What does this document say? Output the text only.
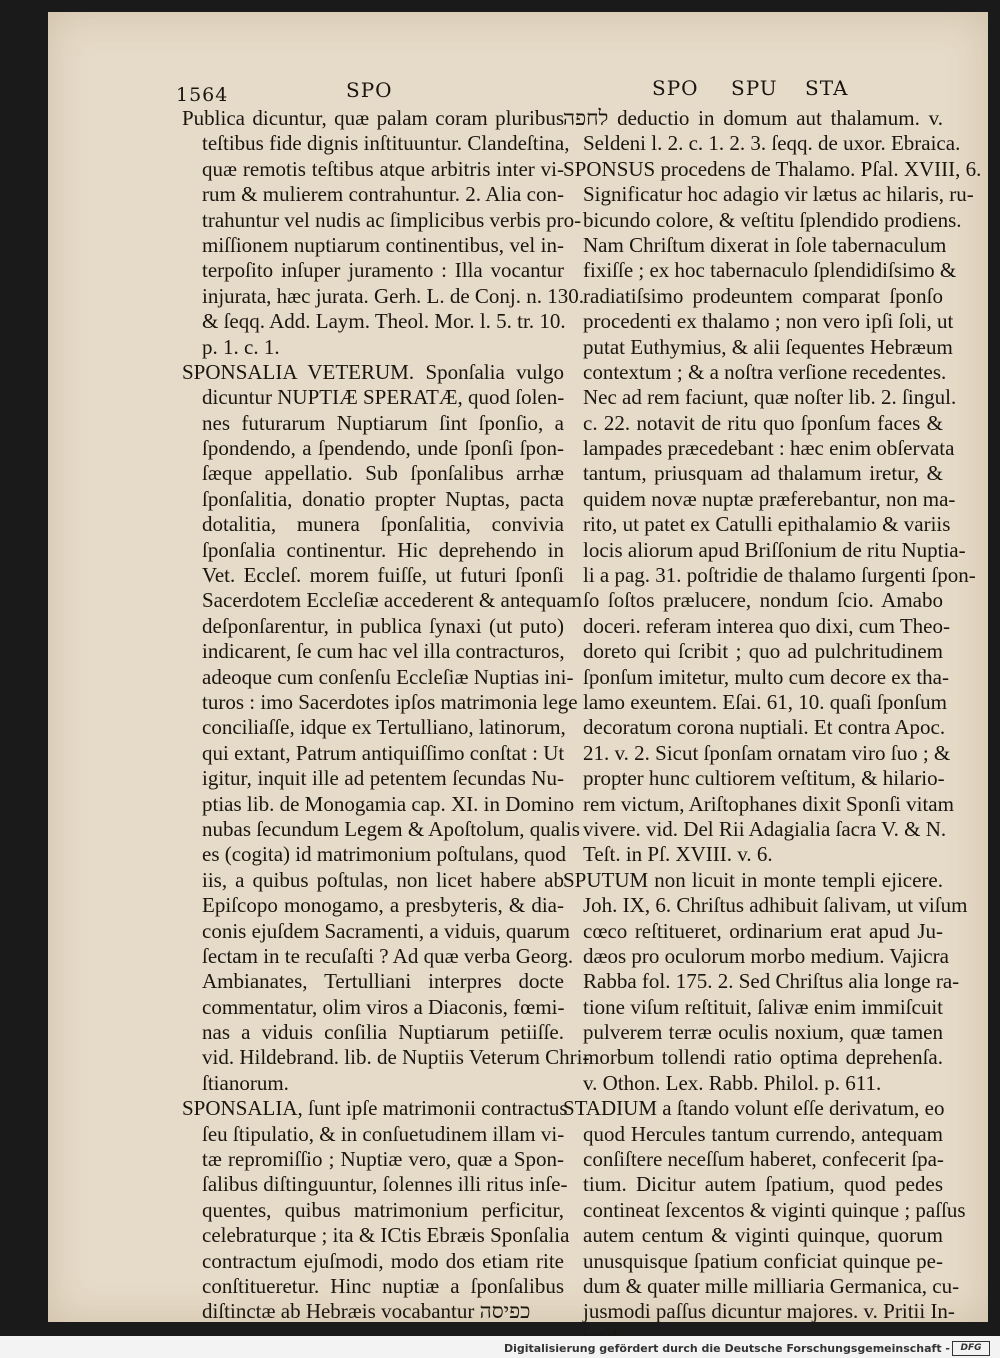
1564	SPO	SPO SPU STA
Publica dicuntur, quæ palam coram pluribus
teſtibus fide dignis inſtituuntur. Clandeſtina,
quæ remotis teſtibus atque arbitris inter vi-
rum & mulierem contrahuntur. 2. Alia con-
trahuntur vel nudis ac ſimplicibus verbis pro-
miſſionem nuptiarum continentibus, vel in-
terpoſito inſuper juramento : Illa vocantur
injurata, hæc jurata. Gerh. L. de Conj. n. 130.
& ſeqq. Add. Laym. Theol. Mor. l. 5. tr. 10.
p. 1. c. 1.
SPONSALIA VETERUM. Sponſalia vulgo
dicuntur NUPTIÆ SPERATÆ, quod ſolen-
nes futurarum Nuptiarum ſint ſponſio, a
ſpondendo, a ſpendendo, unde ſponſi ſpon-
ſæque appellatio. Sub ſponſalibus arrhæ
ſponſalitia, donatio propter Nuptas, pacta
dotalitia, munera ſponſalitia, convivia
ſponſalia continentur. Hic deprehendo in
Vet. Eccleſ. morem fuiſſe, ut futuri ſponſi
Sacerdotem Eccleſiæ accederent & antequam
deſponſarentur, in publica ſynaxi (ut puto)
indicarent, ſe cum hac vel illa contracturos,
adeoque cum conſenſu Eccleſiæ Nuptias ini-
turos : imo Sacerdotes ipſos matrimonia lege
conciliaſſe, idque ex Tertulliano, latinorum,
qui extant, Patrum antiquiſſimo conſtat : Ut
igitur, inquit ille ad petentem ſecundas Nu-
ptias lib. de Monogamia cap. XI. in Domino
nubas ſecundum Legem & Apoſtolum, qualis
es (cogita) id matrimonium poſtulans, quod
iis, a quibus poſtulas, non licet habere ab
Epiſcopo monogamo, a presbyteris, & dia-
conis ejuſdem Sacramenti, a viduis, quarum
ſectam in te recuſaſti ? Ad quæ verba Georg.
Ambianates, Tertulliani interpres docte
commentatur, olim viros a Diaconis, fœmi-
nas a viduis conſilia Nuptiarum petiiſſe.
vid. Hildebrand. lib. de Nuptiis Veterum Chri-
ſtianorum.
SPONSALIA, ſunt ipſe matrimonii contractus
ſeu ſtipulatio, & in conſuetudinem illam vi-
tæ repromiſſio ; Nuptiæ vero, quæ a Spon-
ſalibus diſtinguuntur, ſolennes illi ritus inſe-
quentes, quibus matrimonium perficitur,
celebraturque ; ita & ICtis Ebræis Sponſalia
contractum ejuſmodi, modo dos etiam rite
conſtitueretur. Hinc nuptiæ a ſponſalibus
diſtinctæ ab Hebræis vocabantur כפיסה
לחפה deductio in domum aut thalamum. v.
Seldeni l. 2. c. 1. 2. 3. ſeqq. de uxor. Ebraica.
SPONSUS procedens de Thalamo. Pſal. XVIII, 6.
Significatur hoc adagio vir lætus ac hilaris, ru-
bicundo colore, & veſtitu ſplendido prodiens.
Nam Chriſtum dixerat in ſole tabernaculum
fixiſſe ; ex hoc tabernaculo ſplendidiſsimo &
radiatiſsimo prodeuntem comparat ſponſo
procedenti ex thalamo ; non vero ipſi ſoli, ut
putat Euthymius, & alii ſequentes Hebræum
contextum ; & a noſtra verſione recedentes.
Nec ad rem faciunt, quæ noſter lib. 2. ſingul.
c. 22. notavit de ritu quo ſponſum faces &
lampades præcedebant : hæc enim obſervata
tantum, priusquam ad thalamum iretur, &
quidem novæ nuptæ præferebantur, non ma-
rito, ut patet ex Catulli epithalamio & variis
locis aliorum apud Briſſonium de ritu Nuptia-
li a pag. 31. poſtridie de thalamo ſurgenti ſpon-
ſo ſoſtos prælucere, nondum ſcio. Amabo
doceri. referam interea quo dixi, cum Theo-
doreto qui ſcribit ; quo ad pulchritudinem
ſponſum imitetur, multo cum decore ex tha-
lamo exeuntem. Eſai. 61, 10. quaſi ſponſum
decoratum corona nuptiali. Et contra Apoc.
21. v. 2. Sicut ſponſam ornatam viro ſuo ; &
propter hunc cultiorem veſtitum, & hilario-
rem victum, Ariſtophanes dixit Sponſi vitam
vivere. vid. Del Rii Adagialia ſacra V. & N.
Teſt. in Pſ. XVIII. v. 6.
SPUTUM non licuit in monte templi ejicere.
Joh. IX, 6. Chriſtus adhibuit ſalivam, ut viſum
cœco reſtitueret, ordinarium erat apud Ju-
dæos pro oculorum morbo medium. Vajicra
Rabba fol. 175. 2. Sed Chriſtus alia longe ra-
tione viſum reſtituit, ſalivæ enim immiſcuit
pulverem terræ oculis noxium, quæ tamen
morbum tollendi ratio optima deprehenſa.
v. Othon. Lex. Rabb. Philol. p. 611.
STADIUM a ſtando volunt eſſe derivatum, eo
quod Hercules tantum currendo, antequam
conſiſtere neceſſum haberet, confecerit ſpa-
tium. Dicitur autem ſpatium, quod pedes
contineat ſexcentos & viginti quinque ; paſſus
autem centum & viginti quinque, quorum
unusquisque ſpatium conficiat quinque pe-
dum & quater mille milliaria Germanica, cu-
jusmodi paſſus dicuntur majores. v. Pritii In-
Digitalisierung gefördert durch die Deutsche Forschungsgemeinschaft -	DFG
